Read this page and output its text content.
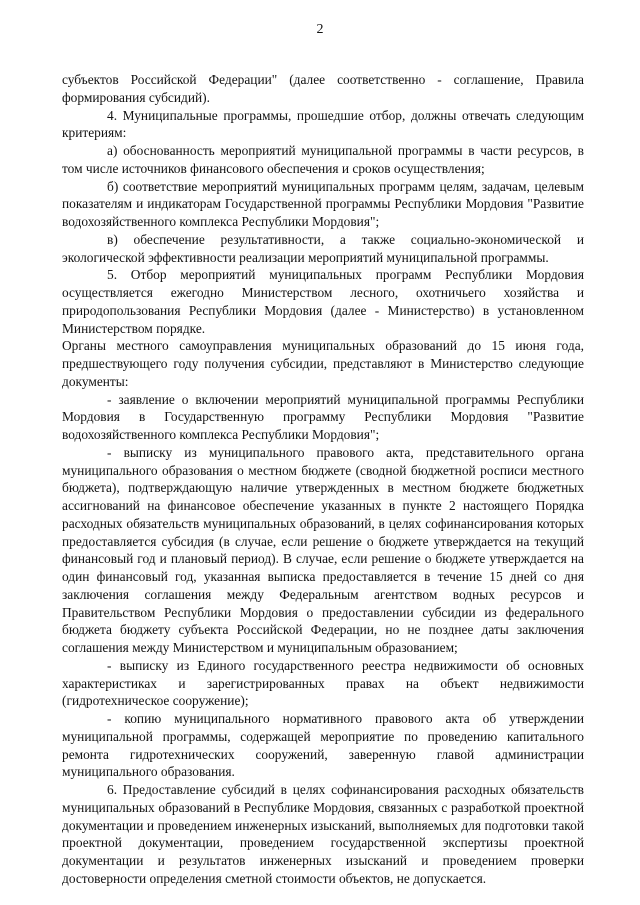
2

субъектов Российской Федерации" (далее соответственно - соглашение, Правила формирования субсидий).

4. Муниципальные программы, прошедшие отбор, должны отвечать следующим критериям:

а) обоснованность мероприятий муниципальной программы в части ресурсов, в том числе источников финансового обеспечения и сроков осуществления;

б) соответствие мероприятий муниципальных программ целям, задачам, целевым показателям и индикаторам Государственной программы Республики Мордовия "Развитие водохозяйственного комплекса Республики Мордовия";

в) обеспечение результативности, а также социально-экономической и экологической эффективности реализации мероприятий муниципальной программы.

5. Отбор мероприятий муниципальных программ Республики Мордовия осуществляется ежегодно Министерством лесного, охотничьего хозяйства и природопользования Республики Мордовия (далее - Министерство) в установленном Министерством порядке.

Органы местного самоуправления муниципальных образований до 15 июня года, предшествующего году получения субсидии, представляют в Министерство следующие документы:

- заявление о включении мероприятий муниципальной программы Республики Мордовия в Государственную программу Республики Мордовия "Развитие водохозяйственного комплекса Республики Мордовия";

- выписку из муниципального правового акта, представительного органа муниципального образования о местном бюджете (сводной бюджетной росписи местного бюджета), подтверждающую наличие утвержденных в местном бюджете бюджетных ассигнований на финансовое обеспечение указанных в пункте 2 настоящего Порядка расходных обязательств муниципальных образований, в целях софинансирования которых предоставляется субсидия (в случае, если решение о бюджете утверждается на текущий финансовый год и плановый период). В случае, если решение о бюджете утверждается на один финансовый год, указанная выписка предоставляется в течение 15 дней со дня заключения соглашения между Федеральным агентством водных ресурсов и Правительством Республики Мордовия о предоставлении субсидии из федерального бюджета бюджету субъекта Российской Федерации, но не позднее даты заключения соглашения между Министерством и муниципальным образованием;

- выписку из Единого государственного реестра недвижимости об основных характеристиках и зарегистрированных правах на объект недвижимости (гидротехническое сооружение);

- копию муниципального нормативного правового акта об утверждении муниципальной программы, содержащей мероприятие по проведению капитального ремонта гидротехнических сооружений, заверенную главой администрации муниципального образования.

6. Предоставление субсидий в целях софинансирования расходных обязательств муниципальных образований в Республике Мордовия, связанных с разработкой проектной документации и проведением инженерных изысканий, выполняемых для подготовки такой проектной документации, проведением государственной экспертизы проектной документации и результатов инженерных изысканий и проведением проверки достоверности определения сметной стоимости объектов, не допускается.
